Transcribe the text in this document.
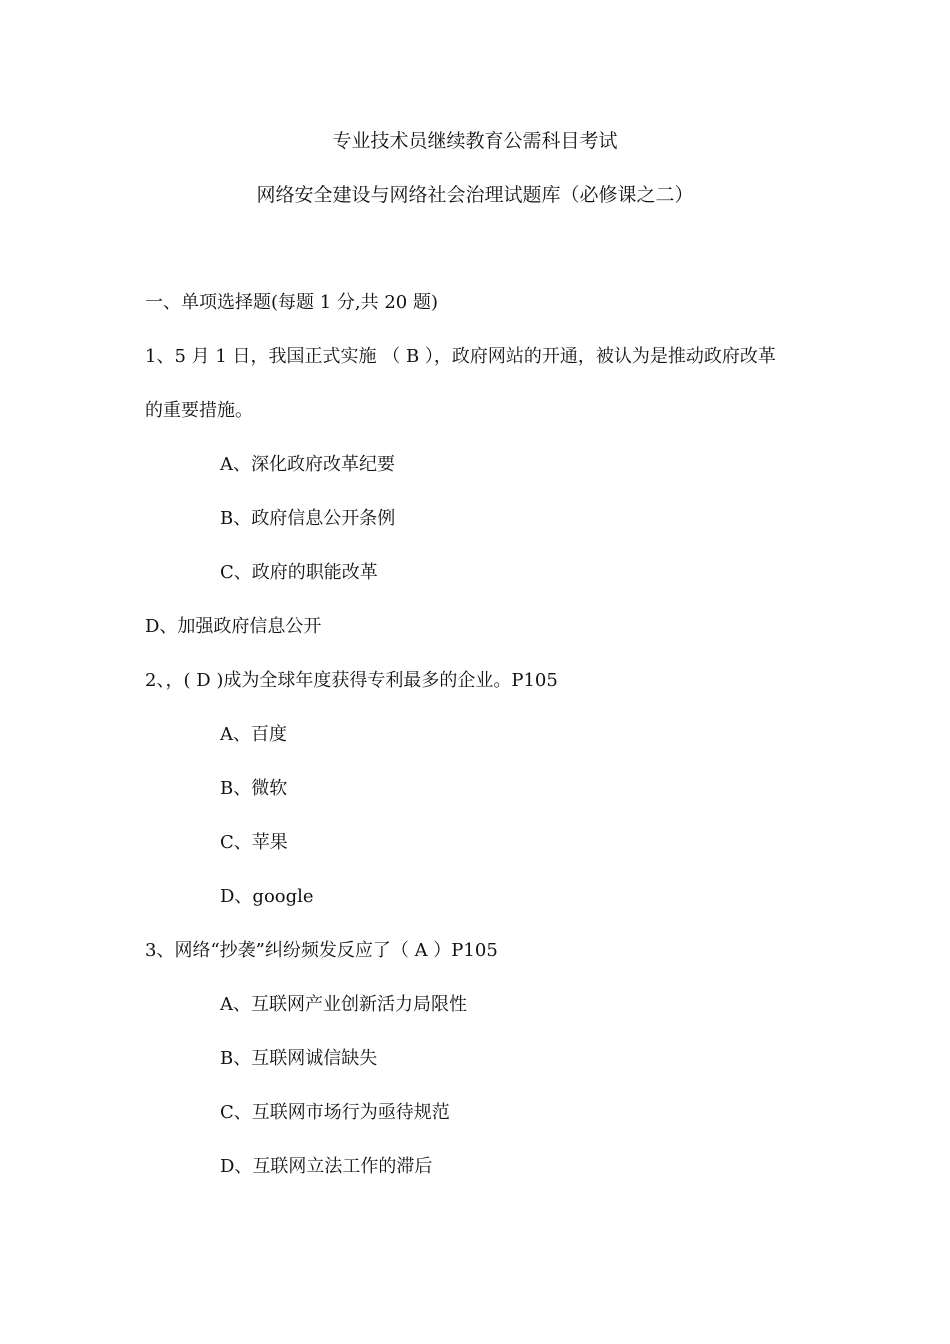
专业技术员继续教育公需科目考试
网络安全建设与网络社会治理试题库（必修课之二）
一、单项选择题(每题 1 分,共 20 题)
1、5 月 1 日，我国正式实施 （ B ），政府网站的开通，被认为是推动政府改革
的重要措施。
A、深化政府改革纪要
B、政府信息公开条例
C、政府的职能改革
D、加强政府信息公开
2、，( D )成为全球年度获得专利最多的企业。P105
A、百度
B、微软
C、苹果
D、google
3、网络“抄袭”纠纷频发反应了（ A ）P105
A、互联网产业创新活力局限性
B、互联网诚信缺失
C、互联网市场行为亟待规范
D、互联网立法工作的滞后
